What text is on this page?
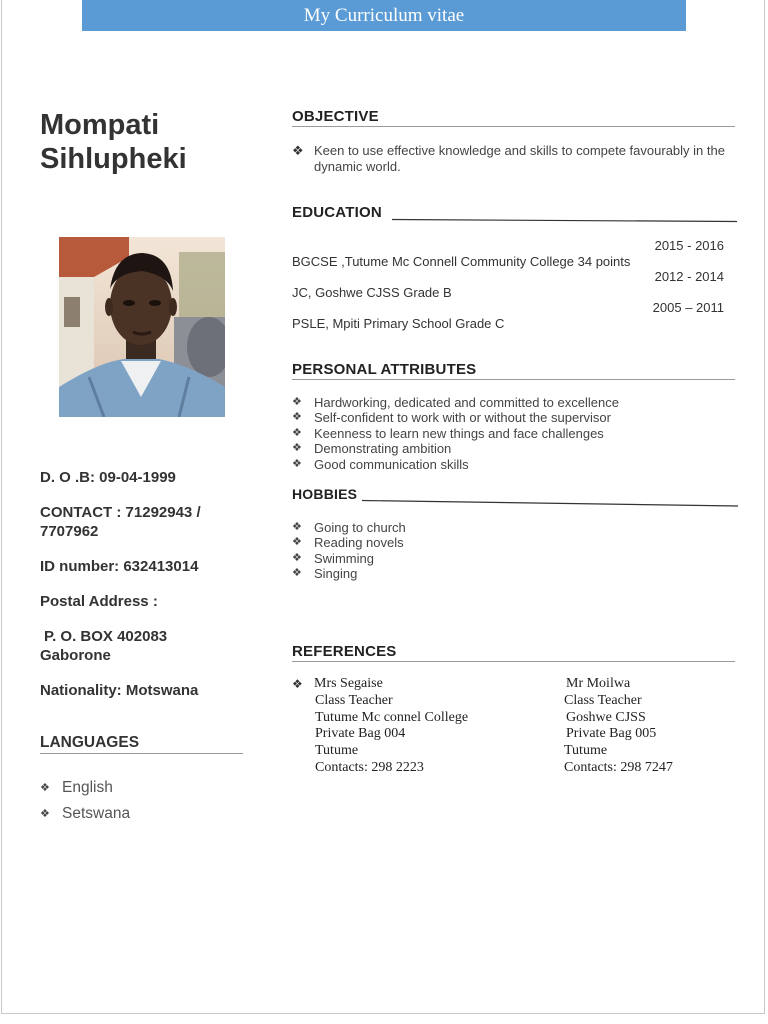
My Curriculum vitae
Mompati
Sihlupheki

D. O .B: 09-04-1999

CONTACT : 71292943 /

7707962

ID number: 632413014

Postal Address :

P. O. BOX 402083

Gaborone

Nationality: Motswana

LANGUAGES
❖ English
❖ Setswana
OBJECTIVE
❖ Keen to use effective knowledge and skills to compete favourably in the dynamic world.
EDUCATION
2015 - 2016
BGCSE ,Tutume Mc Connell Community College 34 points
2012 - 2014
JC, Goshwe CJSS Grade B
2005 – 2011
PSLE, Mpiti Primary School Grade C
PERSONAL ATTRIBUTES
❖ Hardworking, dedicated and committed to excellence
❖ Self-confident to work with or without the supervisor
❖ Keenness to learn new things and face challenges
❖ Demonstrating ambition
❖ Good communication skills
HOBBIES
❖ Going to church
❖ Reading novels
❖ Swimming
❖ Singing
REFERENCES
❖ Mrs Segaise
Class Teacher
Tutume Mc connel College
Private Bag 004
Tutume
Contacts: 298 2223
Mr Moilwa
Class Teacher
Goshwe CJSS
Private Bag 005
Tutume
Contacts: 298 7247
